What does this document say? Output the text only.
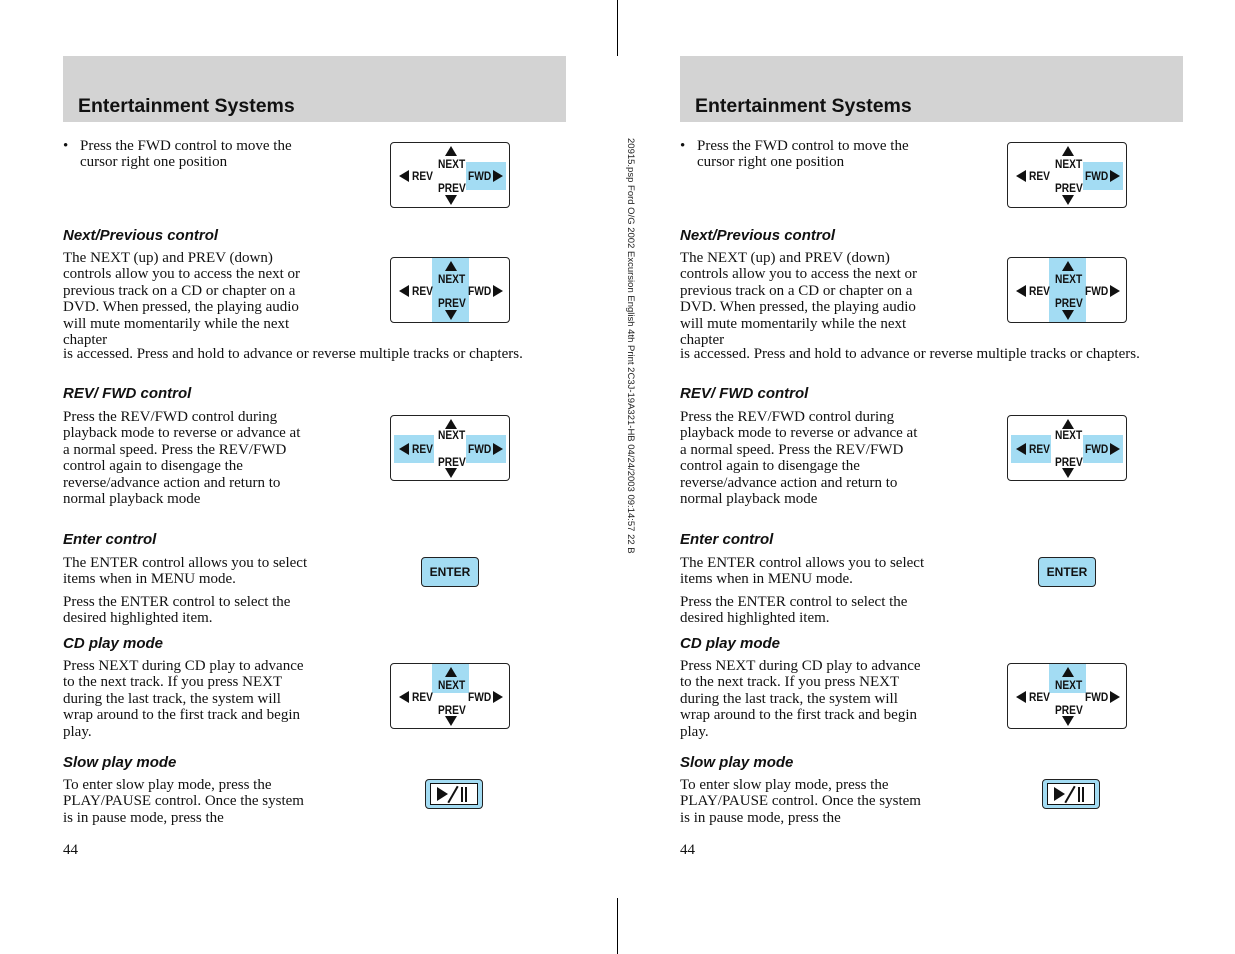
20915.psp Ford O/G 2002 Excursion English 4th Print 2C3J-19A321-HB 04/24/2003 09:14:57 22 B
Entertainment Systems
• Press the FWD control to move the cursor right one position	NEXT
REV	FWD
PREV
Next/Previous control

The NEXT (up) and PREV (down) controls allow you to access the next or previous track on a CD or chapter on a DVD. When pressed, the playing audio will mute momentarily while the next chapter

is accessed. Press and hold to advance or reverse multiple tracks or chapters.

NEXT
REV	FWD
PREV
REV/ FWD control

Press the REV/FWD control during playback mode to reverse or advance at a normal speed. Press the REV/FWD control again to disengage the reverse/advance action and return to normal playback mode

NEXT
REV	FWD
PREV
Enter control

The ENTER control allows you to select items when in MENU mode.

Press the ENTER control to select the desired highlighted item.

ENTER
CD play mode

Press NEXT during CD play to advance to the next track. If you press NEXT during the last track, the system will wrap around to the first track and begin play.

NEXT
REV	FWD
PREV
Slow play mode

To enter slow play mode, press the PLAY/PAUSE control. Once the system is in pause mode, press the

44
Entertainment Systems
• Press the FWD control to move the cursor right one position	NEXT
REV	FWD
PREV
Next/Previous control

The NEXT (up) and PREV (down) controls allow you to access the next or previous track on a CD or chapter on a DVD. When pressed, the playing audio will mute momentarily while the next chapter

is accessed. Press and hold to advance or reverse multiple tracks or chapters.

NEXT
REV	FWD
PREV
REV/ FWD control

Press the REV/FWD control during playback mode to reverse or advance at a normal speed. Press the REV/FWD control again to disengage the reverse/advance action and return to normal playback mode

NEXT
REV	FWD
PREV
Enter control

The ENTER control allows you to select items when in MENU mode.

Press the ENTER control to select the desired highlighted item.

ENTER
CD play mode

Press NEXT during CD play to advance to the next track. If you press NEXT during the last track, the system will wrap around to the first track and begin play.

NEXT
REV	FWD
PREV
Slow play mode

To enter slow play mode, press the PLAY/PAUSE control. Once the system is in pause mode, press the

44
